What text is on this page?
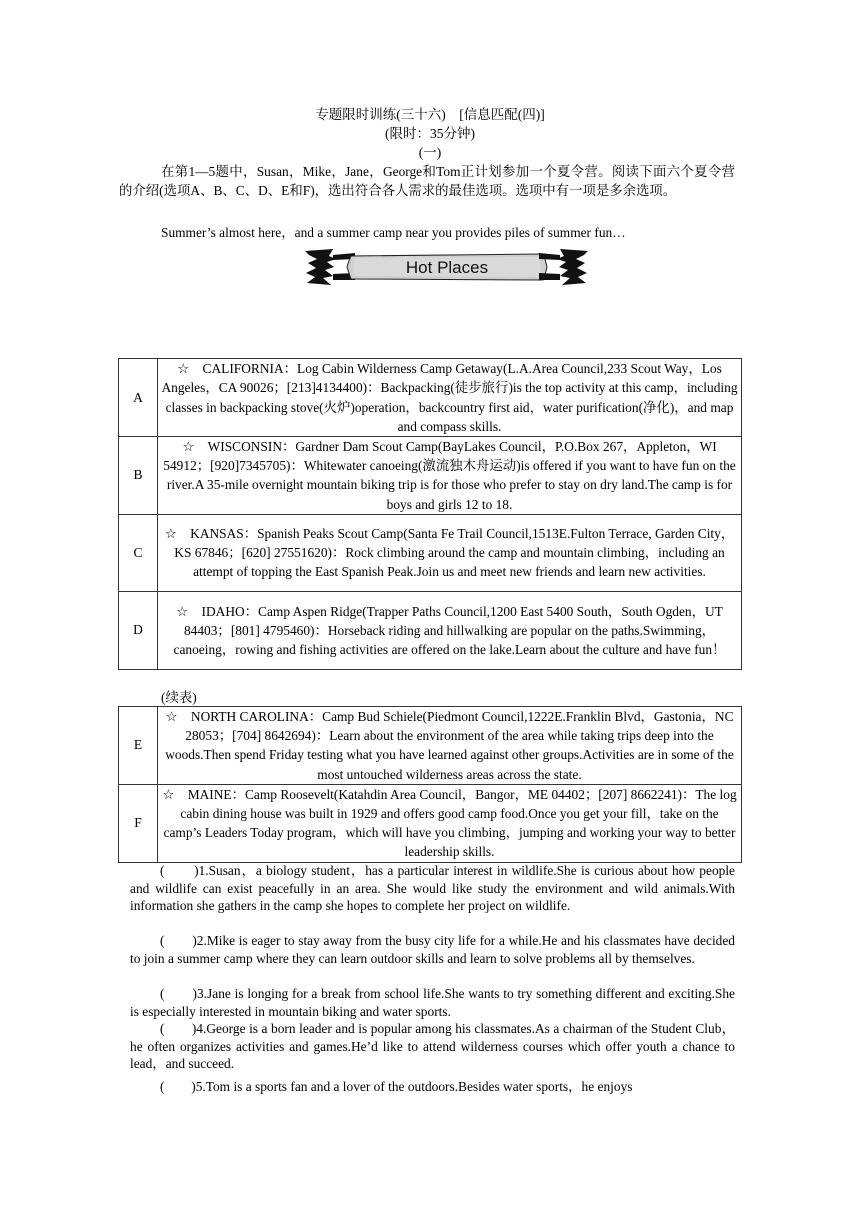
专题限时训练(三十六)　[信息匹配(四)]
(限时：35分钟)
(一)
在第1—5题中，Susan，Mike，Jane，George和Tom正计划参加一个夏令营。阅读下面六个夏令营的介绍(选项A、B、C、D、E和F)，选出符合各人需求的最佳选项。选项中有一项是多余选项。
Summer’s almost here，and a summer camp near you provides piles of summer fun…
Hot Places
A	☆　CALIFORNIA：Log Cabin Wilderness Camp Getaway(L.A.Area Council,233 Scout Way，Los Angeles，CA 90026；[213]4134400)：Backpacking(徒步旅行)is the top activity at this camp，including classes in backpacking stove(火炉)operation，backcountry first aid，water purification(净化)，and map and compass skills.
B	☆　WISCONSIN：Gardner Dam Scout Camp(BayLakes Council，P.O.Box 267，Appleton，WI 54912；[920]7345705)：Whitewater canoeing(激流独木舟运动)is offered if you want to have fun on the river.A 35-mile overnight mountain biking trip is for those who prefer to stay on dry land.The camp is for boys and girls 12 to 18.
C	☆　KANSAS：Spanish Peaks Scout Camp(Santa Fe Trail Council,1513E.Fulton Terrace, Garden City，KS 67846；[620] 27551620)：Rock climbing around the camp and mountain climbing，including an attempt of topping the East Spanish Peak.Join us and meet new friends and learn new activities.
D	☆　IDAHO：Camp Aspen Ridge(Trapper Paths Council,1200 East 5400 South，South Ogden，UT 84403；[801] 4795460)：Horseback riding and hillwalking are popular on the paths.Swimming，canoeing，rowing and fishing activities are offered on the lake.Learn about the culture and have fun！
(续表)
E	☆　NORTH CAROLINA：Camp Bud Schiele(Piedmont Council,1222E.Franklin Blvd，Gastonia，NC 28053；[704] 8642694)：Learn about the environment of the area while taking trips deep into the woods.Then spend Friday testing what you have learned against other groups.Activities are in some of the most untouched wilderness areas across the state.
F	☆　MAINE：Camp Roosevelt(Katahdin Area Council，Bangor，ME 04402；[207] 8662241)：The log cabin dining house was built in 1929 and offers good camp food.Once you get your fill，take on the camp’s Leaders Today program，which will have you climbing，jumping and working your way to better leadership skills.
(　　)1.Susan，a biology student，has a particular interest in wildlife.She is curious about how people and wildlife can exist peacefully in an area. She would like study the environment and wild animals.With information she gathers in the camp she hopes to complete her project on wildlife.
(　　)2.Mike is eager to stay away from the busy city life for a while.He and his classmates have decided to join a summer camp where they can learn outdoor skills and learn to solve problems all by themselves.
(　　)3.Jane is longing for a break from school life.She wants to try something different and exciting.She is especially interested in mountain biking and water sports.
(　　)4.George is a born leader and is popular among his classmates.As a chairman of the Student Club，he often organizes activities and games.He’d like to attend wilderness courses which offer youth a chance to lead，and succeed.
(　　)5.Tom is a sports fan and a lover of the outdoors.Besides water sports，he enjoys
